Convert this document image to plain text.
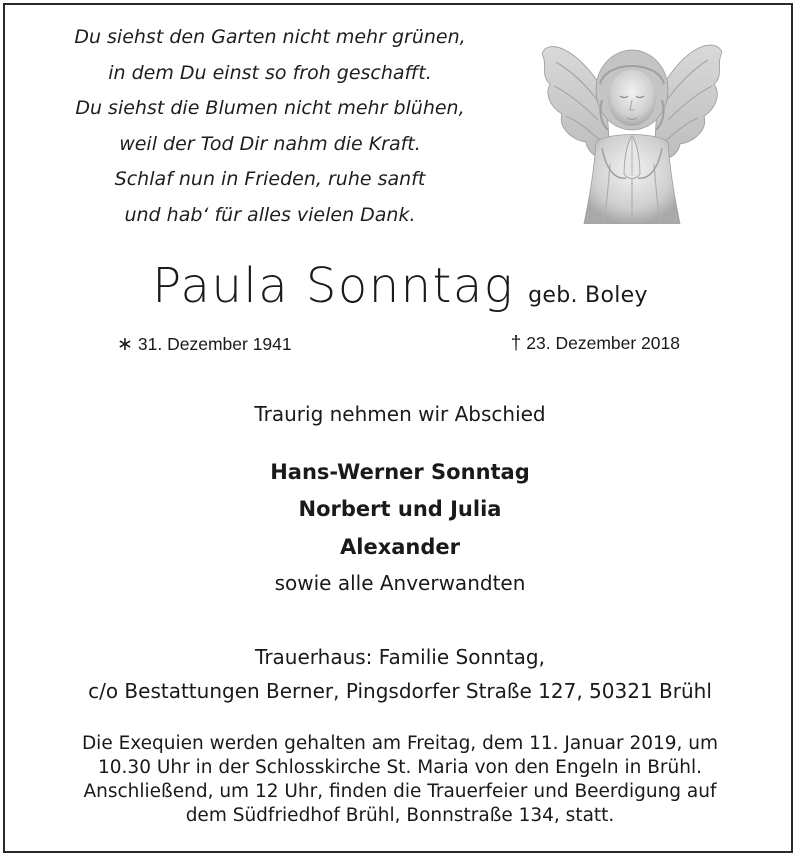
Du siehst den Garten nicht mehr grünen,
in dem Du einst so froh geschafft.
Du siehst die Blumen nicht mehr blühen,
weil der Tod Dir nahm die Kraft.
Schlaf nun in Frieden, ruhe sanft
und hab‘ für alles vielen Dank.
Paula Sonntag geb. Boley
∗ 31. Dezember 1941	† 23. Dezember 2018
Traurig nehmen wir Abschied
Hans-Werner Sonntag
Norbert und Julia
Alexander
sowie alle Anverwandten
Trauerhaus: Familie Sonntag,
c/o Bestattungen Berner, Pingsdorfer Straße 127, 50321 Brühl
Die Exequien werden gehalten am Freitag, dem 11. Januar 2019, um
10.30 Uhr in der Schlosskirche St. Maria von den Engeln in Brühl.
Anschließend, um 12 Uhr, finden die Trauerfeier und Beerdigung auf
dem Südfriedhof Brühl, Bonnstraße 134, statt.
